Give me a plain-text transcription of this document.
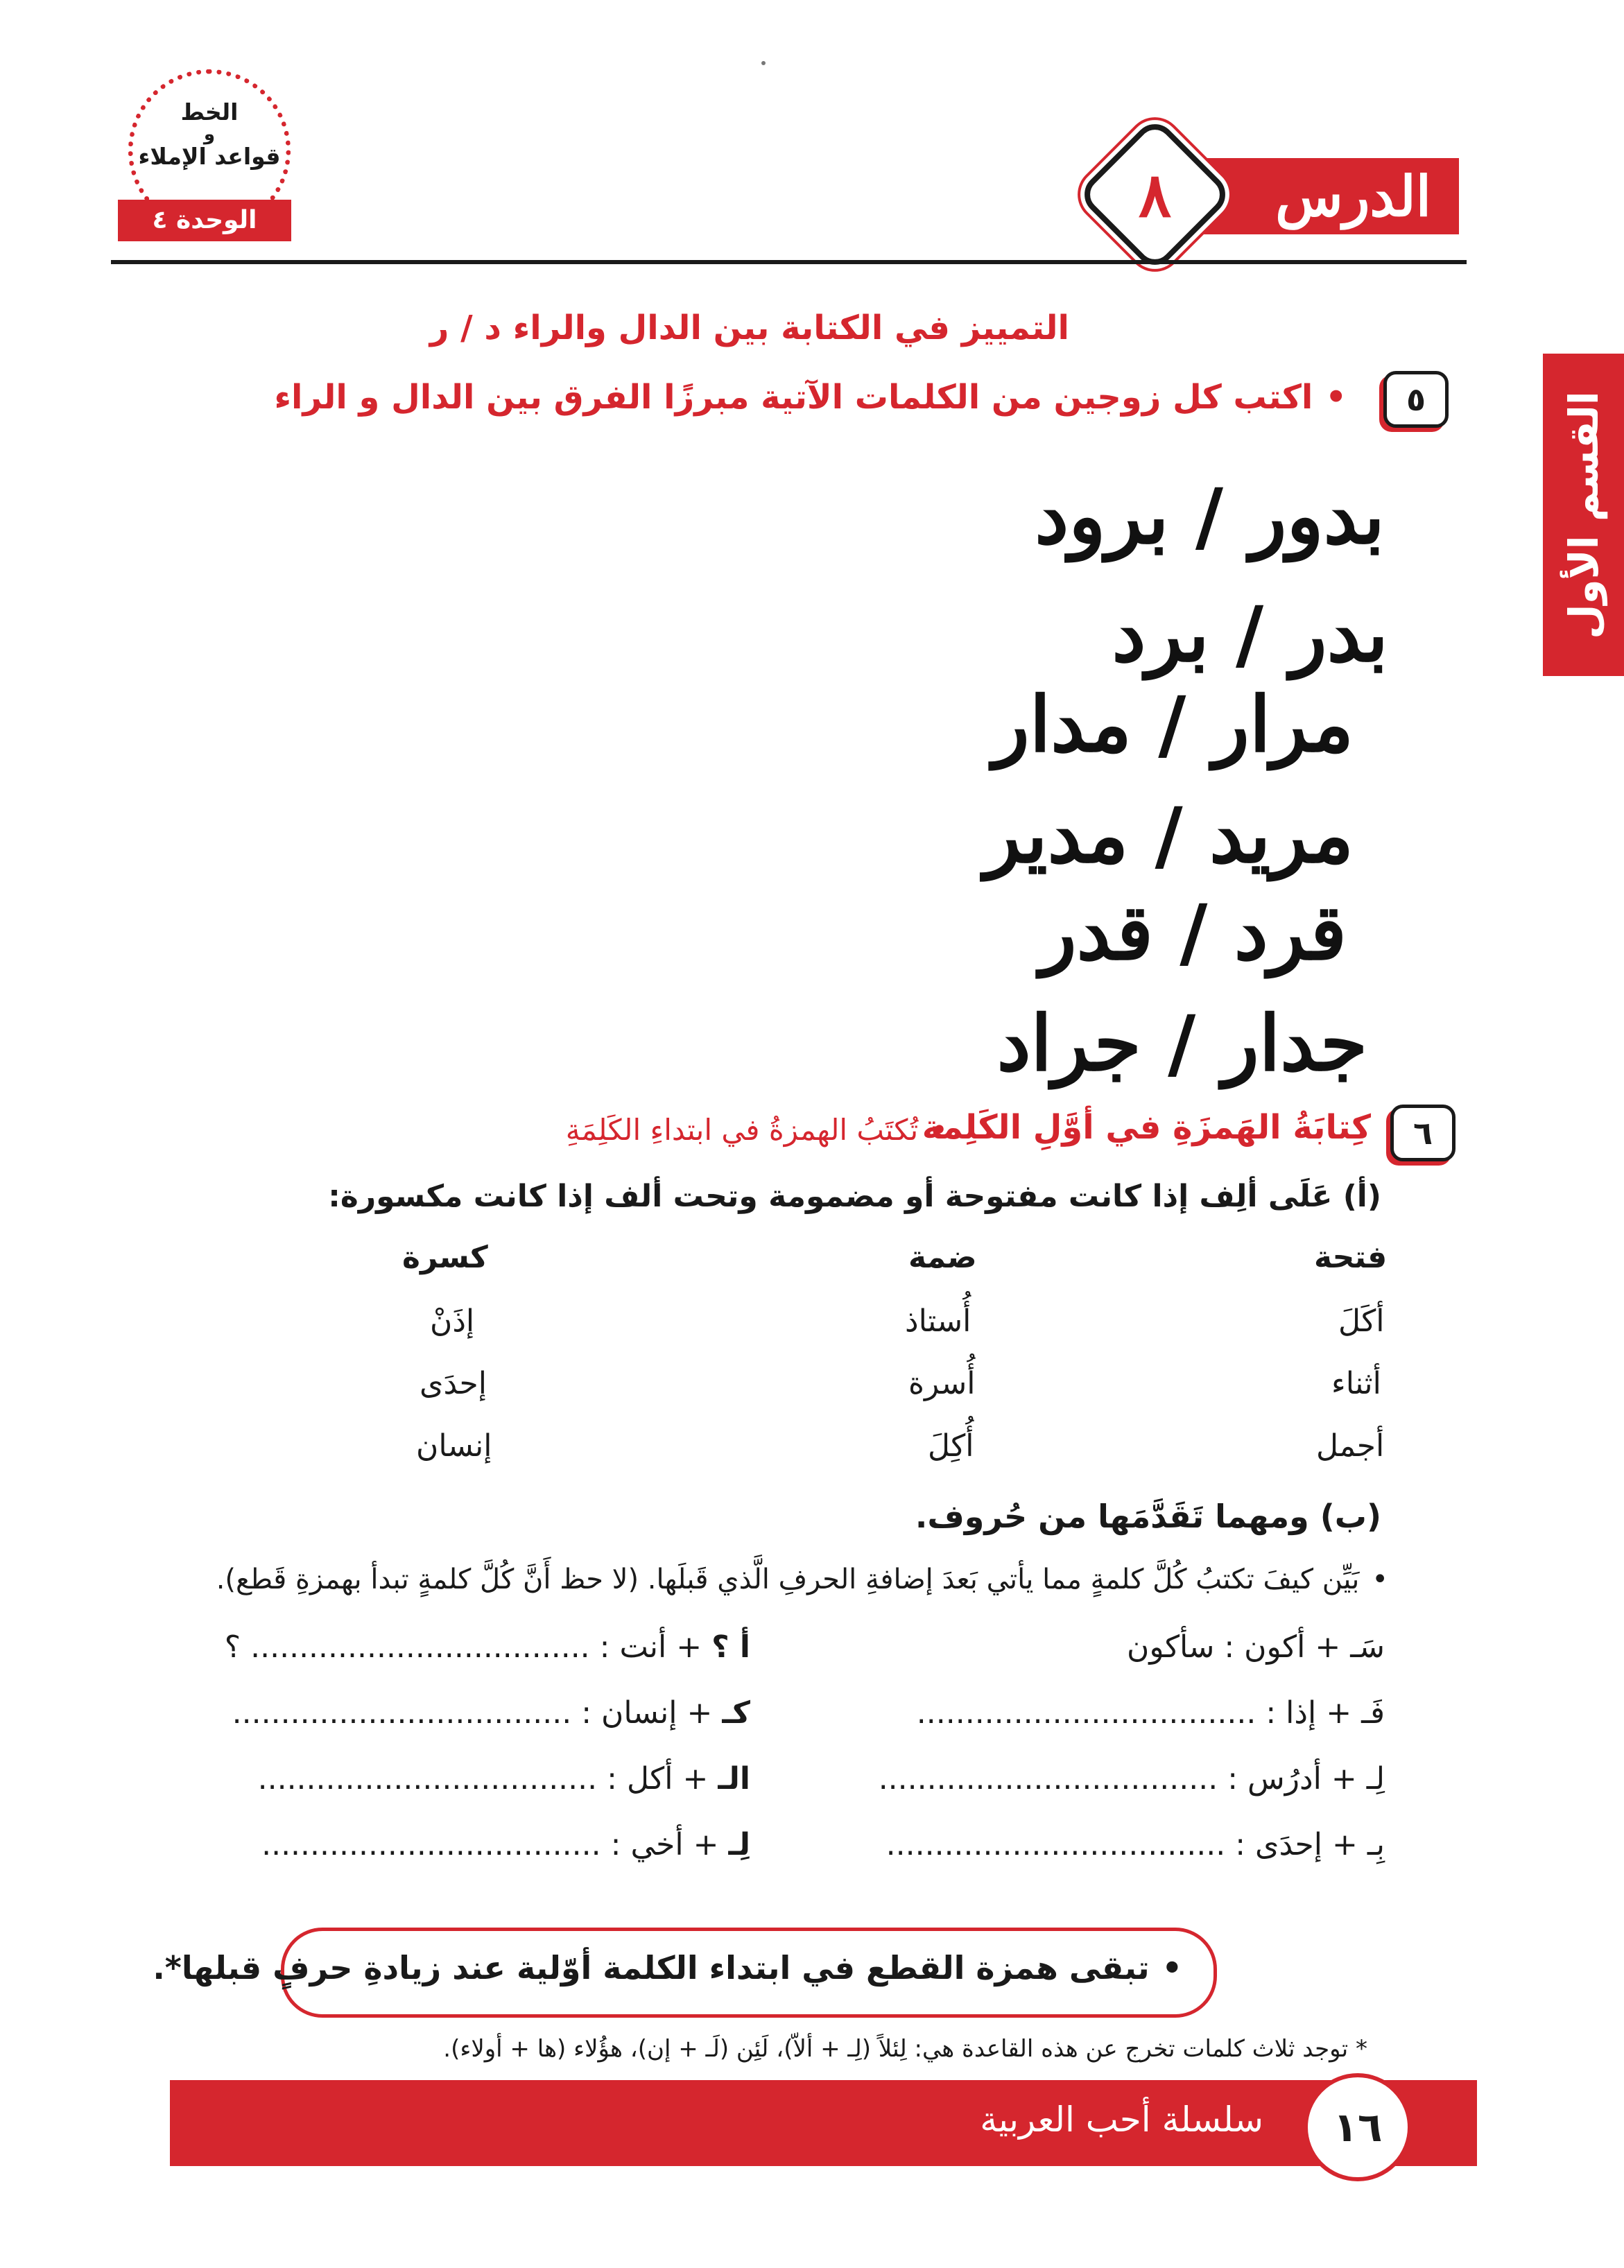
الخط
و
قواعد الإملاء
الوحدة ٤	الدرس
٨
القسم الأول
التمييز في الكتابة بين الدال والراء د / ر
٥
• اكتب كل زوجين من الكلمات الآتية مبرزًا الفرق بين الدال و الراء
بدور / برود
بدر / برد
مرار / مدار
مريد / مدير
قرد / قدر
جدار / جراد
٦
كِتابَةُ الهَمزَةِ في أوَّلِ الكَلِمة
• تُكتَبُ الهمزةُ في ابتداءِ الكَلِمَةِ
(أ) عَلَى ألِف إذا كانت مفتوحة أو مضمومة وتحت ألف إذا كانت مكسورة:
فتحة
ضمة
كسرة
أكَلَ
أثناء
أجمل
أُستاذ
أُسرة
أُكِلَ
إذَنْ
إحدَى
إنسان
(ب) ومهما تَقَدَّمَها من حُروف.
• بَيِّن كيفَ تكتبُ كُلَّ كلمةٍ مما يأتي بَعدَ إضافةِ الحرفِ الَّذي قَبلَها. (لا حظ أَنَّ كُلَّ كلمةٍ تبدأ بهمزةِ قَطع).
سَـ + أكون : سأكون
فَـ + إذا : ...................................
لِـ + أدرُس : ...................................
بِـ + إحدَى : ...................................
أ ؟ + أنت : ................................... ؟
كـ + إنسان : ...................................
الـ + أكل : ...................................
لِـ + أخي : ...................................
• تبقى همزة القطع في ابتداء الكلمة أوّلية عند زيادةِ حرفٍ قبلها*.
* توجد ثلاث كلمات تخرج عن هذه القاعدة هي: لِئلاً (لِـ + ألاّ)، لَئِن (لَـ + إن)، هؤُلاء (ها + أولاء).
سلسلة أحب العربية	١٦
